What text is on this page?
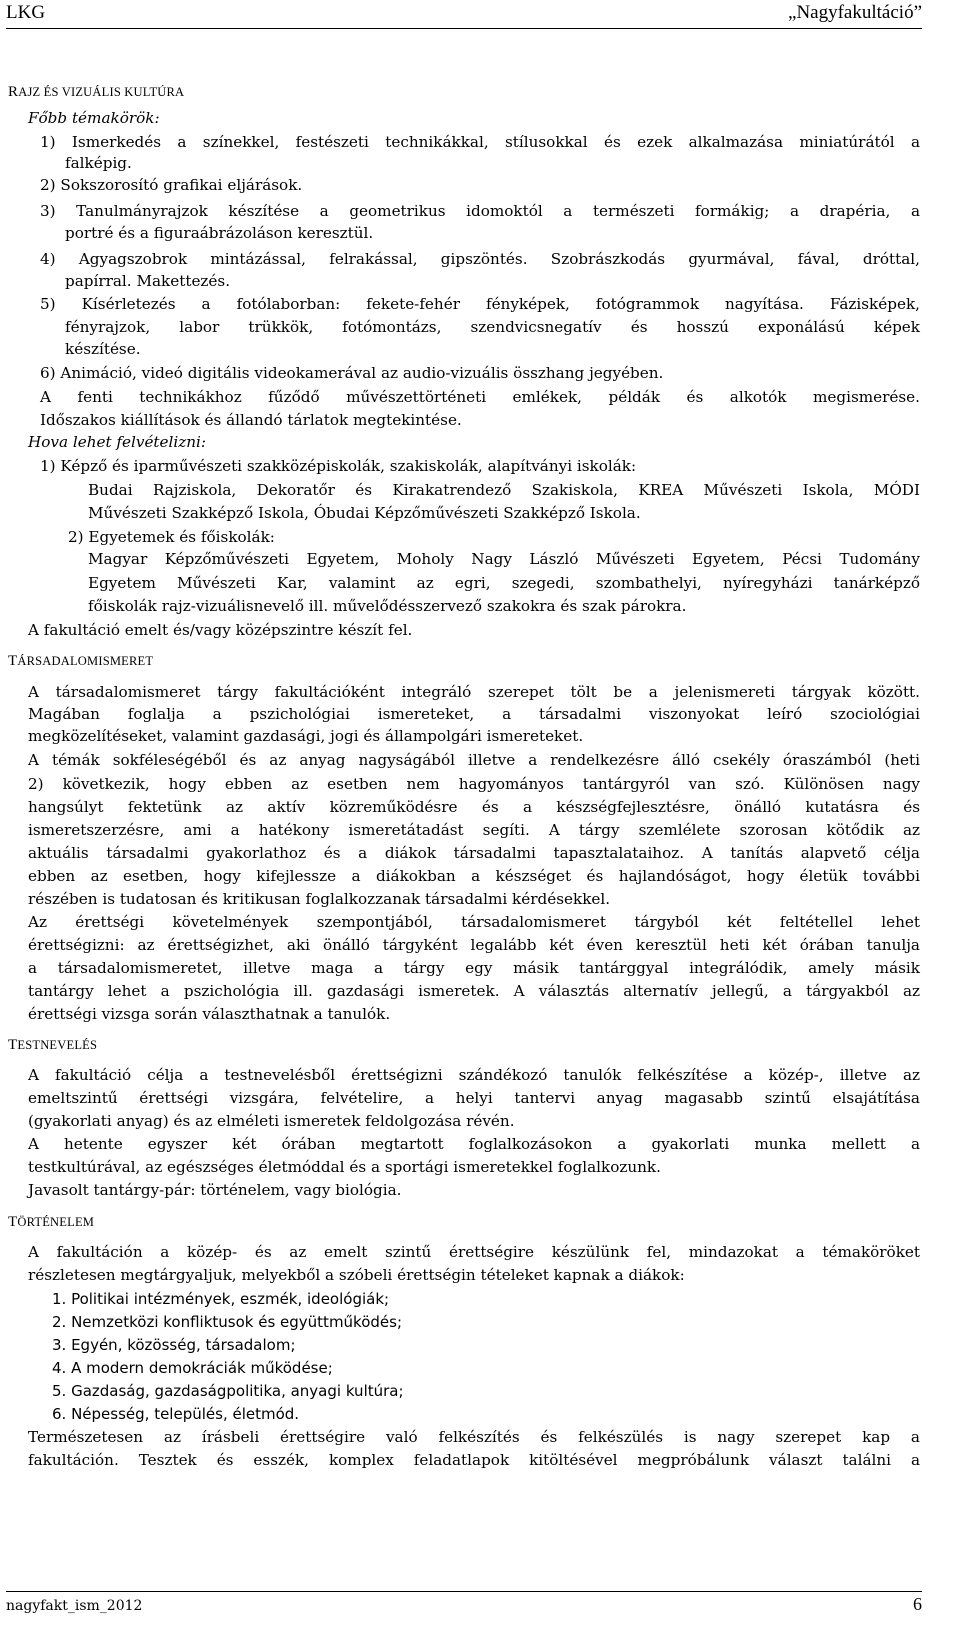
LKG	„Nagyfakultáció”
RAJZ ÉS VIZUÁLIS KULTÚRA
Főbb témakörök:
1) Ismerkedés a színekkel, festészeti technikákkal, stílusokkal és ezek alkalmazása miniatúrától a
falképig.
2) Sokszorosító grafikai eljárások.
3) Tanulmányrajzok készítése a geometrikus idomoktól a természeti formákig; a drapéria, a
portré és a figuraábrázoláson keresztül.
4) Agyagszobrok mintázással, felrakással, gipszöntés. Szobrászkodás gyurmával, fával, dróttal,
papírral. Makettezés.
5) Kísérletezés a fotólaborban: fekete-fehér fényképek, fotógrammok nagyítása. Fázisképek,
fényrajzok, labor trükkök, fotómontázs, szendvicsnegatív és hosszú exponálású képek
készítése.
6) Animáció, videó digitális videokamerával az audio-vizuális összhang jegyében.
A fenti technikákhoz fűződő művészettörténeti emlékek, példák és alkotók megismerése.
Időszakos kiállítások és állandó tárlatok megtekintése.
Hova lehet felvételizni:
1) Képző és iparművészeti szakközépiskolák, szakiskolák, alapítványi iskolák:
Budai Rajziskola, Dekoratőr és Kirakatrendező Szakiskola, KREA Művészeti Iskola, MÓDI
Művészeti Szakképző Iskola, Óbudai Képzőművészeti Szakképző Iskola.
2) Egyetemek és főiskolák:
Magyar Képzőművészeti Egyetem, Moholy Nagy László Művészeti Egyetem, Pécsi Tudomány
Egyetem Művészeti Kar, valamint az egri, szegedi, szombathelyi, nyíregyházi tanárképző
főiskolák rajz-vizuálisnevelő ill. művelődésszervező szakokra és szak párokra.
A fakultáció emelt és/vagy középszintre készít fel.
TÁRSADALOMISMERET
A társadalomismeret tárgy fakultációként integráló szerepet tölt be a jelenismereti tárgyak között.
Magában foglalja a pszichológiai ismereteket, a társadalmi viszonyokat leíró szociológiai
megközelítéseket, valamint gazdasági, jogi és állampolgári ismereteket.
A témák sokféleségéből és az anyag nagyságából illetve a rendelkezésre álló csekély óraszámból (heti
2) következik, hogy ebben az esetben nem hagyományos tantárgyról van szó. Különösen nagy
hangsúlyt fektetünk az aktív közreműködésre és a készségfejlesztésre, önálló kutatásra és
ismeretszerzésre, ami a hatékony ismeretátadást segíti. A tárgy szemlélete szorosan kötődik az
aktuális társadalmi gyakorlathoz és a diákok társadalmi tapasztalataihoz. A tanítás alapvető célja
ebben az esetben, hogy kifejlessze a diákokban a készséget és hajlandóságot, hogy életük további
részében is tudatosan és kritikusan foglalkozzanak társadalmi kérdésekkel.
Az érettségi követelmények szempontjából, társadalomismeret tárgyból két feltétellel lehet
érettségizni: az érettségizhet, aki önálló tárgyként legalább két éven keresztül heti két órában tanulja
a társadalomismeretet, illetve maga a tárgy egy másik tantárggyal integrálódik, amely másik
tantárgy lehet a pszichológia ill. gazdasági ismeretek. A választás alternatív jellegű, a tárgyakból az
érettségi vizsga során választhatnak a tanulók.
TESTNEVELÉS
A fakultáció célja a testnevelésből érettségizni szándékozó tanulók felkészítése a közép-, illetve az
emeltszintű érettségi vizsgára, felvételire, a helyi tantervi anyag magasabb szintű elsajátítása
(gyakorlati anyag) és az elméleti ismeretek feldolgozása révén.
A hetente egyszer két órában megtartott foglalkozásokon a gyakorlati munka mellett a
testkultúrával, az egészséges életmóddal és a sportági ismeretekkel foglalkozunk.
Javasolt tantárgy-pár: történelem, vagy biológia.
TÖRTÉNELEM
A fakultáción a közép- és az emelt szintű érettségire készülünk fel, mindazokat a témaköröket
részletesen megtárgyaljuk, melyekből a szóbeli érettségin tételeket kapnak a diákok:
1. Politikai intézmények, eszmék, ideológiák;
2. Nemzetközi konfliktusok és együttműködés;
3. Egyén, közösség, társadalom;
4. A modern demokráciák működése;
5. Gazdaság, gazdaságpolitika, anyagi kultúra;
6. Népesség, település, életmód.
Természetesen az írásbeli érettségire való felkészítés és felkészülés is nagy szerepet kap a
fakultáción. Tesztek és esszék, komplex feladatlapok kitöltésével megpróbálunk választ találni a
nagyfakt_ism_2012	6
